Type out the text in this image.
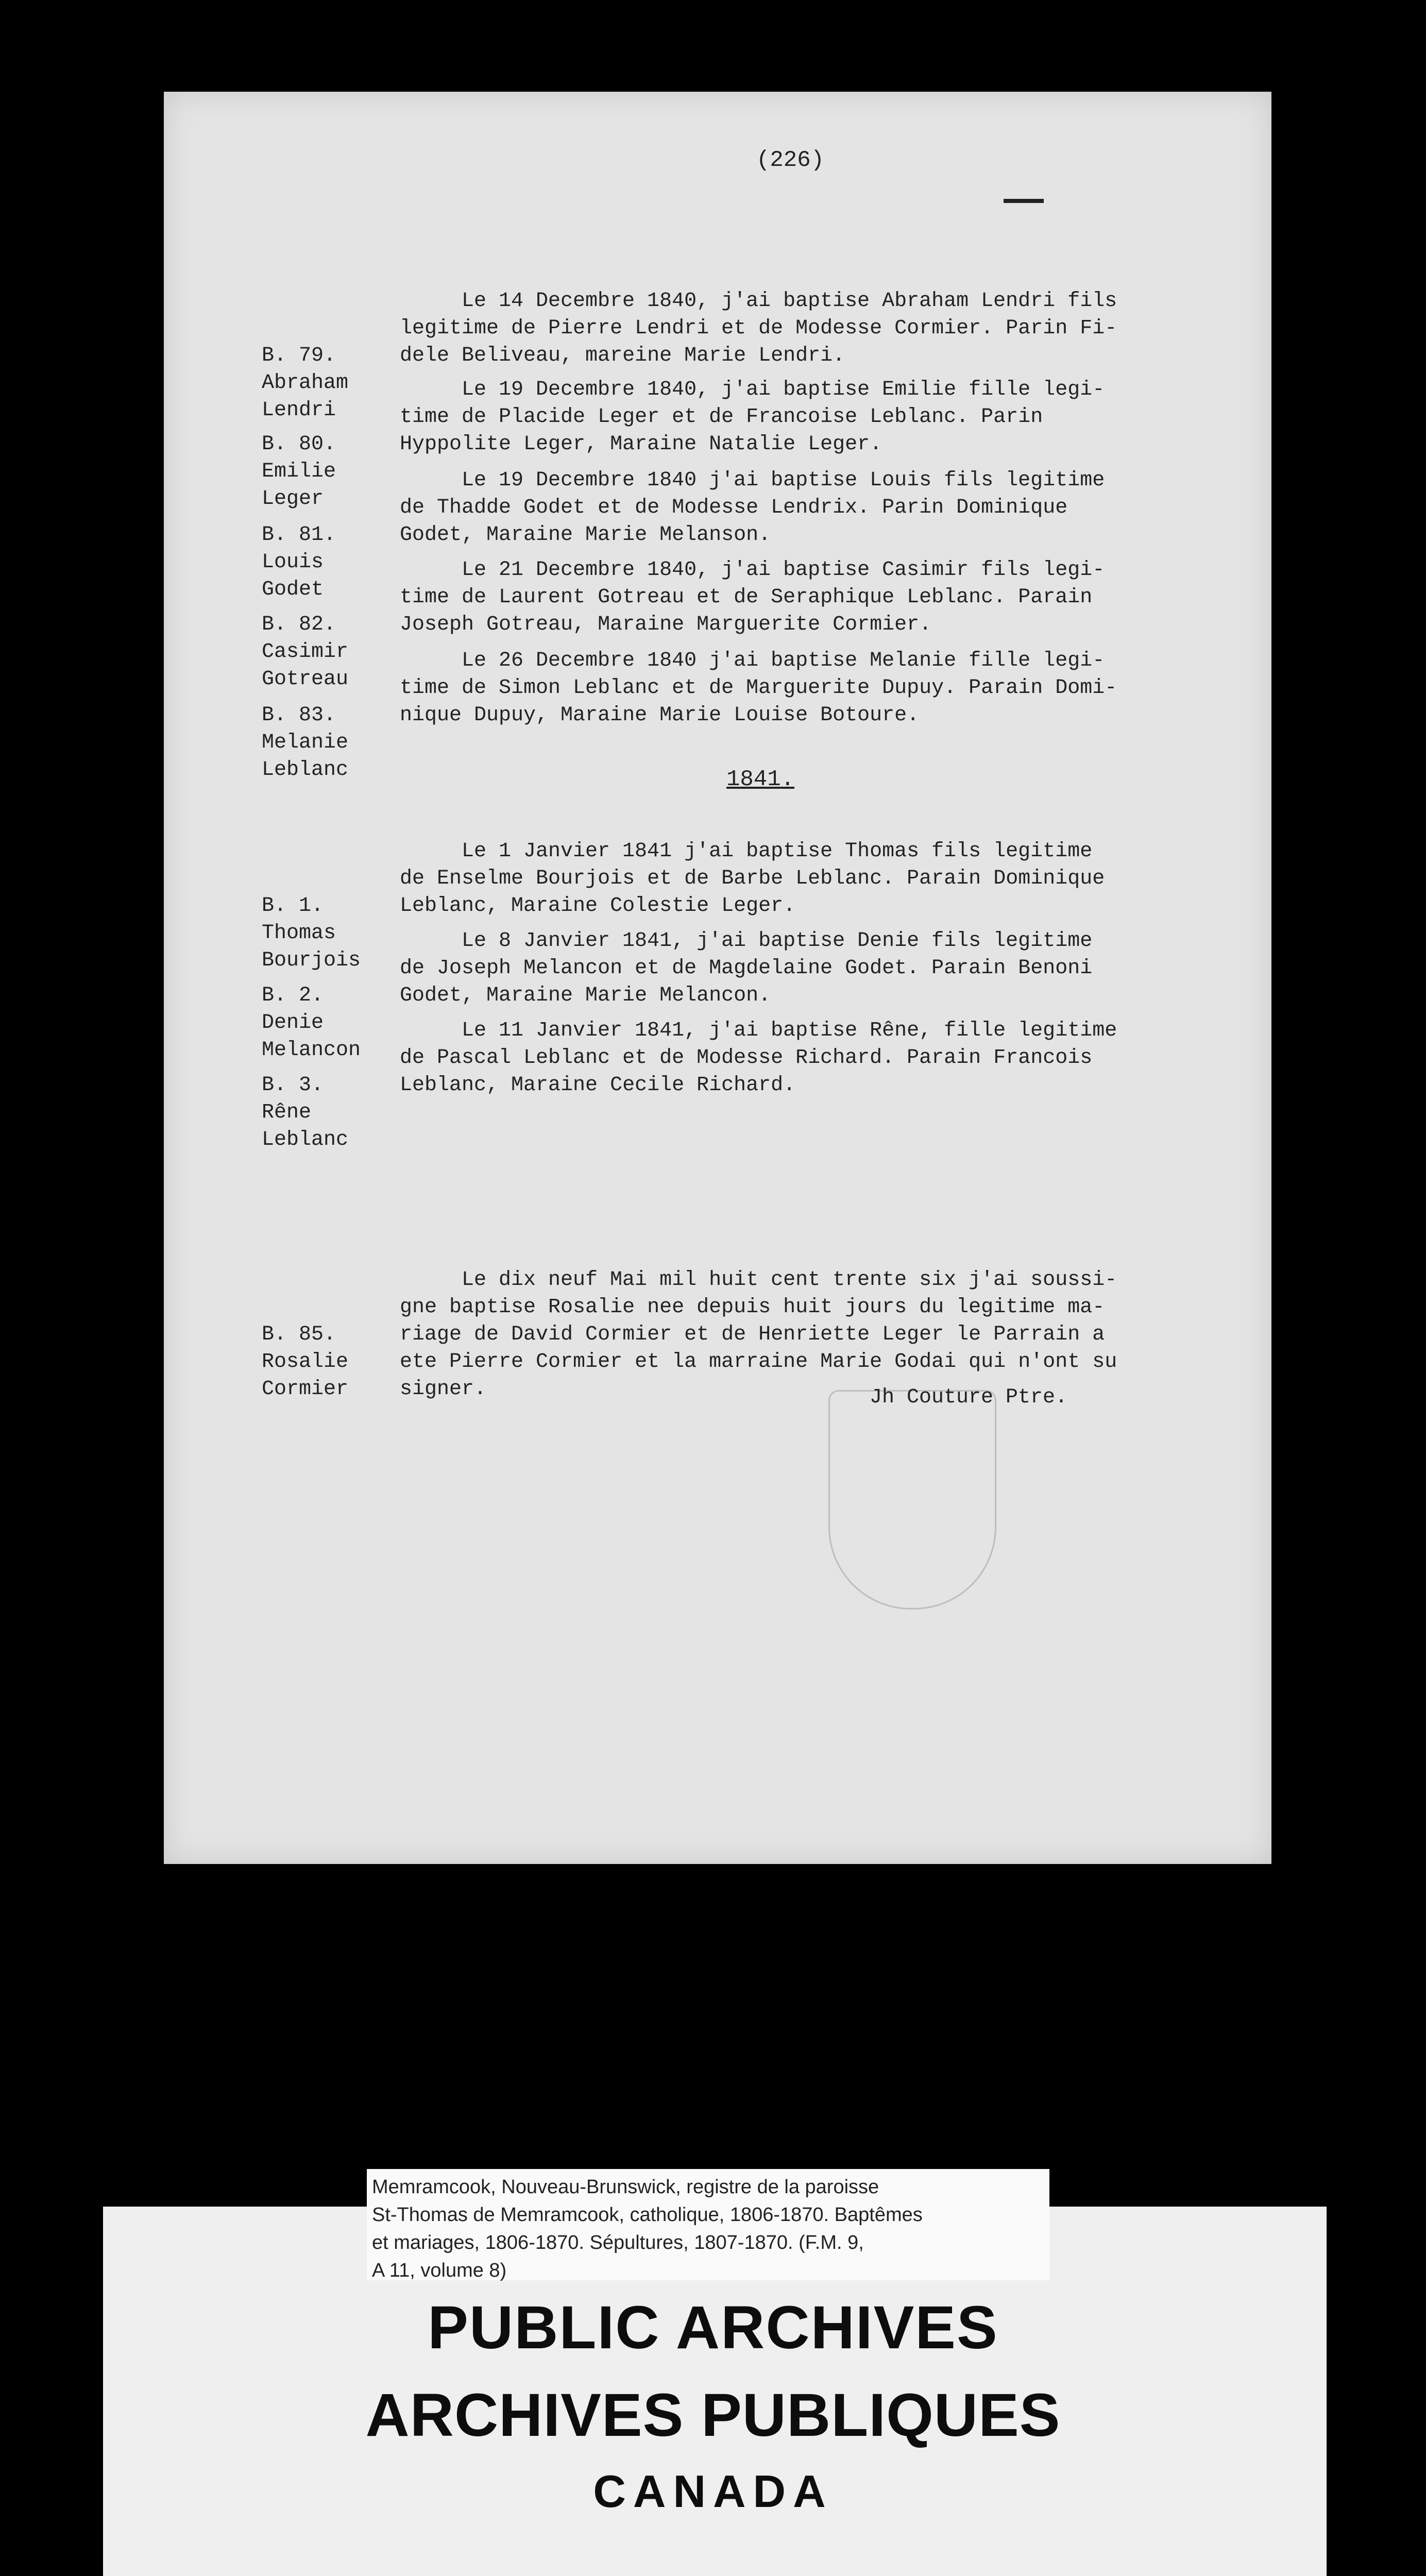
(226)

B. 79.
Abraham
Lendri

Le 14 Decembre 1840, j'ai baptise Abraham Lendri fils
legitime de Pierre Lendri et de Modesse Cormier. Parin Fi-
dele Beliveau, mareine Marie Lendri.

B. 80.
Emilie
Leger

Le 19 Decembre 1840, j'ai baptise Emilie fille legi-
time de Placide Leger et de Francoise Leblanc. Parin
Hyppolite Leger, Maraine Natalie Leger.

B. 81.
Louis
Godet

Le 19 Decembre 1840 j'ai baptise Louis fils legitime
de Thadde Godet et de Modesse Lendrix. Parin Dominique
Godet, Maraine Marie Melanson.

B. 82.
Casimir
Gotreau

Le 21 Decembre 1840, j'ai baptise Casimir fils legi-
time de Laurent Gotreau et de Seraphique Leblanc. Parain
Joseph Gotreau, Maraine Marguerite Cormier.

B. 83.
Melanie
Leblanc

Le 26 Decembre 1840 j'ai baptise Melanie fille legi-
time de Simon Leblanc et de Marguerite Dupuy. Parain Domi-
nique Dupuy, Maraine Marie Louise Botoure.
1841.

B. 1.
Thomas
Bourjois

Le 1 Janvier 1841 j'ai baptise Thomas fils legitime
de Enselme Bourjois et de Barbe Leblanc. Parain Dominique
Leblanc, Maraine Colestie Leger.

B. 2.
Denie
Melancon

Le 8 Janvier 1841, j'ai baptise Denie fils legitime
de Joseph Melancon et de Magdelaine Godet. Parain Benoni
Godet, Maraine Marie Melancon.

B. 3.
Rêne
Leblanc

Le 11 Janvier 1841, j'ai baptise Rêne, fille legitime
de Pascal Leblanc et de Modesse Richard. Parain Francois
Leblanc, Maraine Cecile Richard.

B. 85.
Rosalie
Cormier

Le dix neuf Mai mil huit cent trente six j'ai soussi-
gne baptise Rosalie nee depuis huit jours du legitime ma-
riage de David Cormier et de Henriette Leger le Parrain a
ete Pierre Cormier et la marraine Marie Godai qui n'ont su
signer.	Jh Couture Ptre.
Memramcook, Nouveau-Brunswick, registre de la paroisse
St-Thomas de Memramcook, catholique, 1806-1870. Baptêmes
et mariages, 1806-1870. Sépultures, 1807-1870. (F.M. 9,
A 11, volume 8)
PUBLIC ARCHIVES
ARCHIVES PUBLIQUES
CANADA
